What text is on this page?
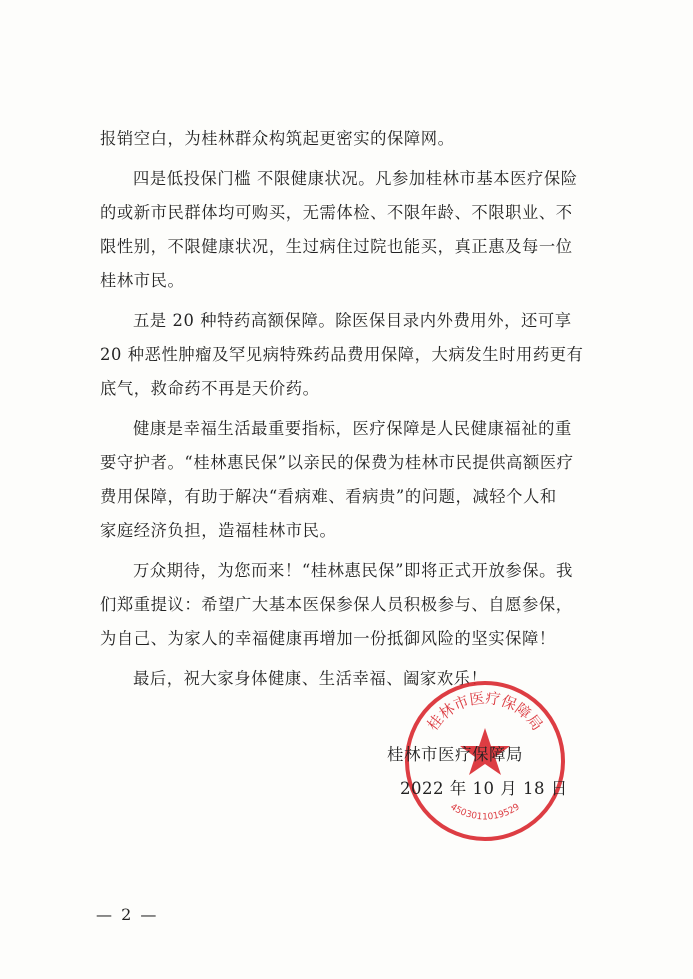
报销空白，为桂林群众构筑起更密实的保障网。

四是低投保门槛 不限健康状况。凡参加桂林市基本医疗保险
的或新市民群体均可购买，无需体检、不限年龄、不限职业、不
限性别，不限健康状况，生过病住过院也能买，真正惠及每一位
桂林市民。

五是 20 种特药高额保障。除医保目录内外费用外，还可享
20 种恶性肿瘤及罕见病特殊药品费用保障，大病发生时用药更有
底气，救命药不再是天价药。

健康是幸福生活最重要指标，医疗保障是人民健康福祉的重
要守护者。“桂林惠民保”以亲民的保费为桂林市民提供高额医疗
费用保障，有助于解决“看病难、看病贵”的问题，减轻个人和
家庭经济负担，造福桂林市民。

万众期待，为您而来！“桂林惠民保”即将正式开放参保。我
们郑重提议：希望广大基本医保参保人员积极参与、自愿参保，
为自己、为家人的幸福健康再增加一份抵御风险的坚实保障！

最后，祝大家身体健康、生活幸福、阖家欢乐！

桂林市医疗保障局
4503011019529
桂林市医疗保障局
2022 年 10 月 18 日
— 2 —
